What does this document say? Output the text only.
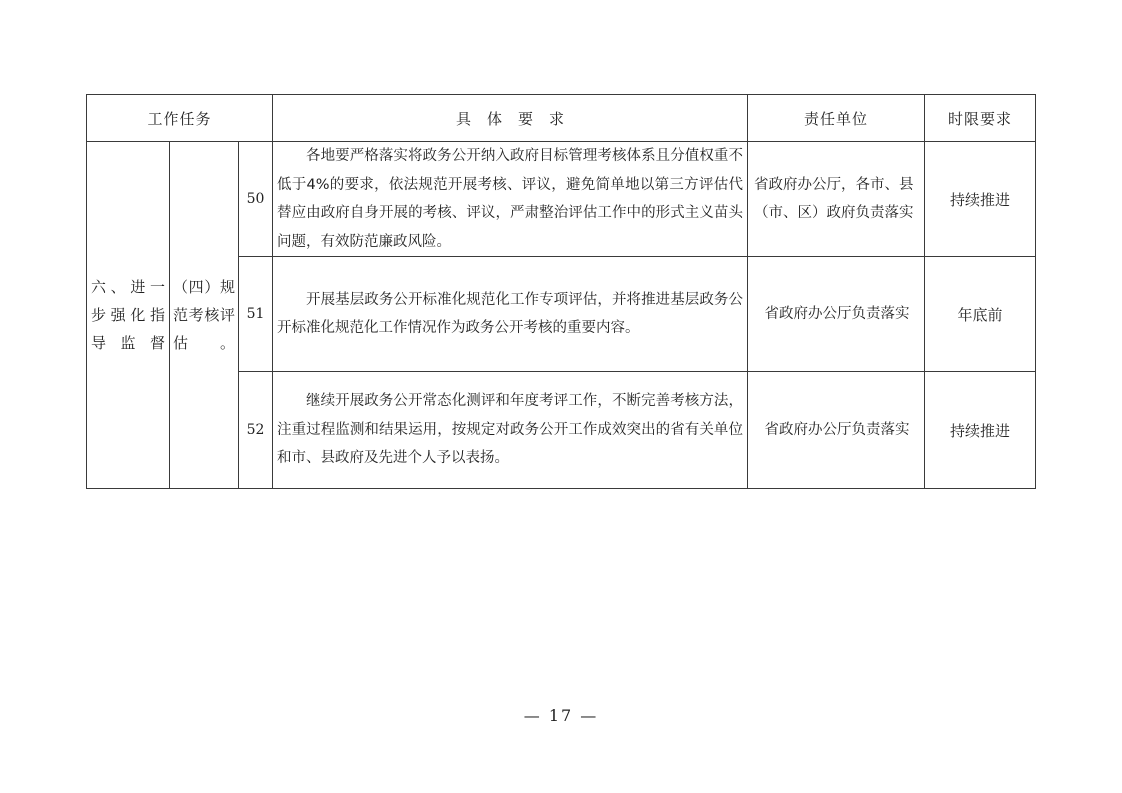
工作任务			具体要求	责任单位	时限要求
六、进一步强化指导监督	（四）规范考核评估。	50	各地要严格落实将政务公开纳入政府目标管理考核体系且分值权重不低于4%的要求，依法规范开展考核、评议，避免简单地以第三方评估代替应由政府自身开展的考核、评议，严肃整治评估工作中的形式主义苗头问题，有效防范廉政风险。	省政府办公厅，各市、县（市、区）政府负责落实	持续推进
		51	开展基层政务公开标准化规范化工作专项评估，并将推进基层政务公开标准化规范化工作情况作为政务公开考核的重要内容。	省政府办公厅负责落实	年底前
		52	继续开展政务公开常态化测评和年度考评工作，不断完善考核方法，注重过程监测和结果运用，按规定对政务公开工作成效突出的省有关单位和市、县政府及先进个人予以表扬。	省政府办公厅负责落实	持续推进
— 17 —
